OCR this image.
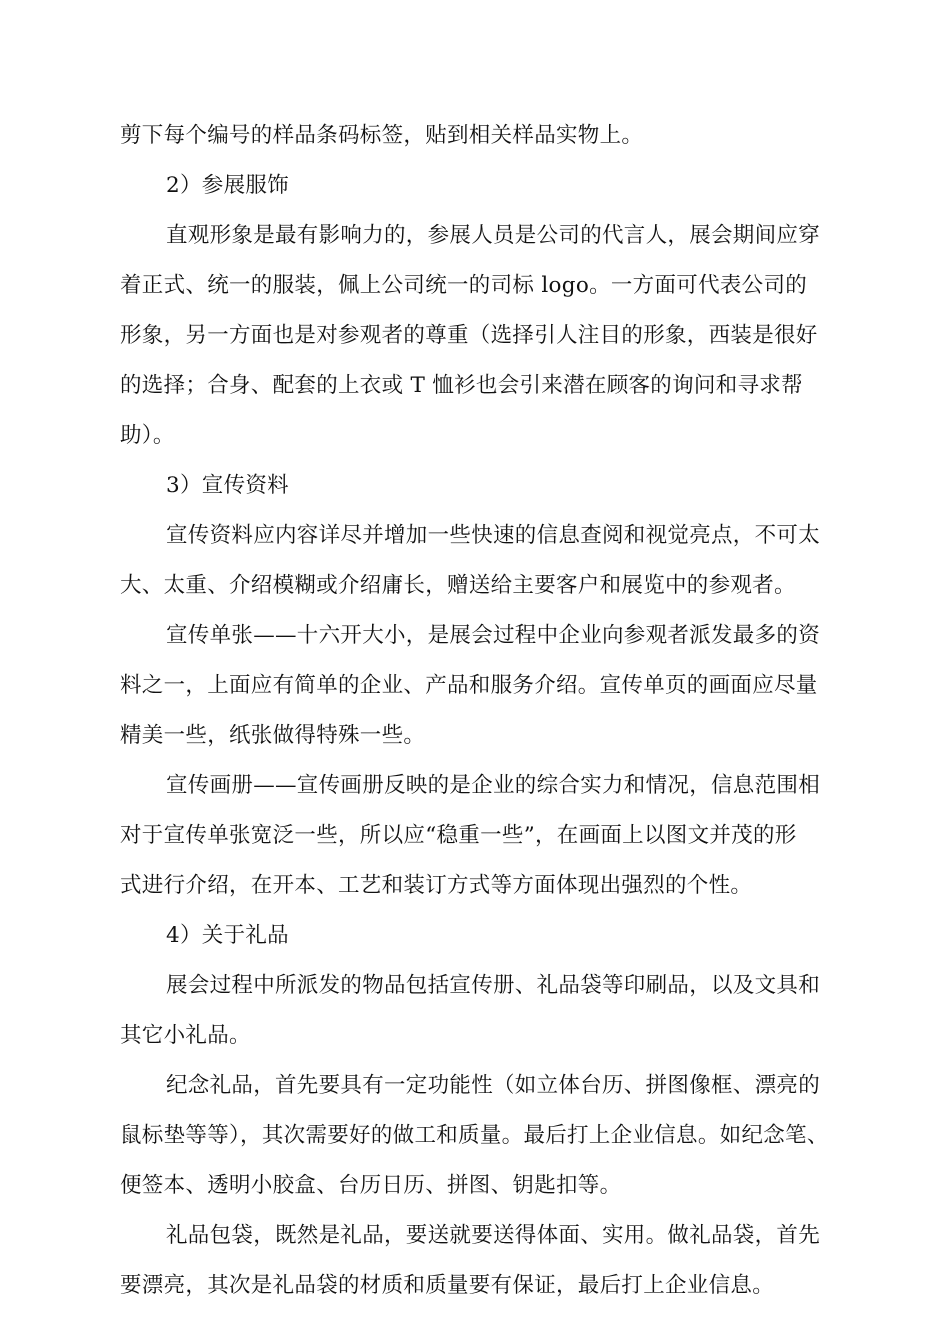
剪下每个编号的样品条码标签，贴到相关样品实物上。

2）参展服饰

直观形象是最有影响力的，参展人员是公司的代言人，展会期间应穿

着正式、统一的服装，佩上公司统一的司标 logo。一方面可代表公司的

形象，另一方面也是对参观者的尊重（选择引人注目的形象，西装是很好

的选择；合身、配套的上衣或 T 恤衫也会引来潜在顾客的询问和寻求帮

助）。

3）宣传资料

宣传资料应内容详尽并增加一些快速的信息查阅和视觉亮点，不可太

大、太重、介绍模糊或介绍庸长，赠送给主要客户和展览中的参观者。

宣传单张——十六开大小，是展会过程中企业向参观者派发最多的资

料之一，上面应有简单的企业、产品和服务介绍。宣传单页的画面应尽量

精美一些，纸张做得特殊一些。

宣传画册——宣传画册反映的是企业的综合实力和情况，信息范围相

对于宣传单张宽泛一些，所以应“稳重一些”，在画面上以图文并茂的形

式进行介绍，在开本、工艺和装订方式等方面体现出强烈的个性。

4）关于礼品

展会过程中所派发的物品包括宣传册、礼品袋等印刷品，以及文具和

其它小礼品。

纪念礼品，首先要具有一定功能性（如立体台历、拼图像框、漂亮的

鼠标垫等等），其次需要好的做工和质量。最后打上企业信息。如纪念笔、

便签本、透明小胶盒、台历日历、拼图、钥匙扣等。

礼品包袋，既然是礼品，要送就要送得体面、实用。做礼品袋，首先

要漂亮，其次是礼品袋的材质和质量要有保证，最后打上企业信息。
